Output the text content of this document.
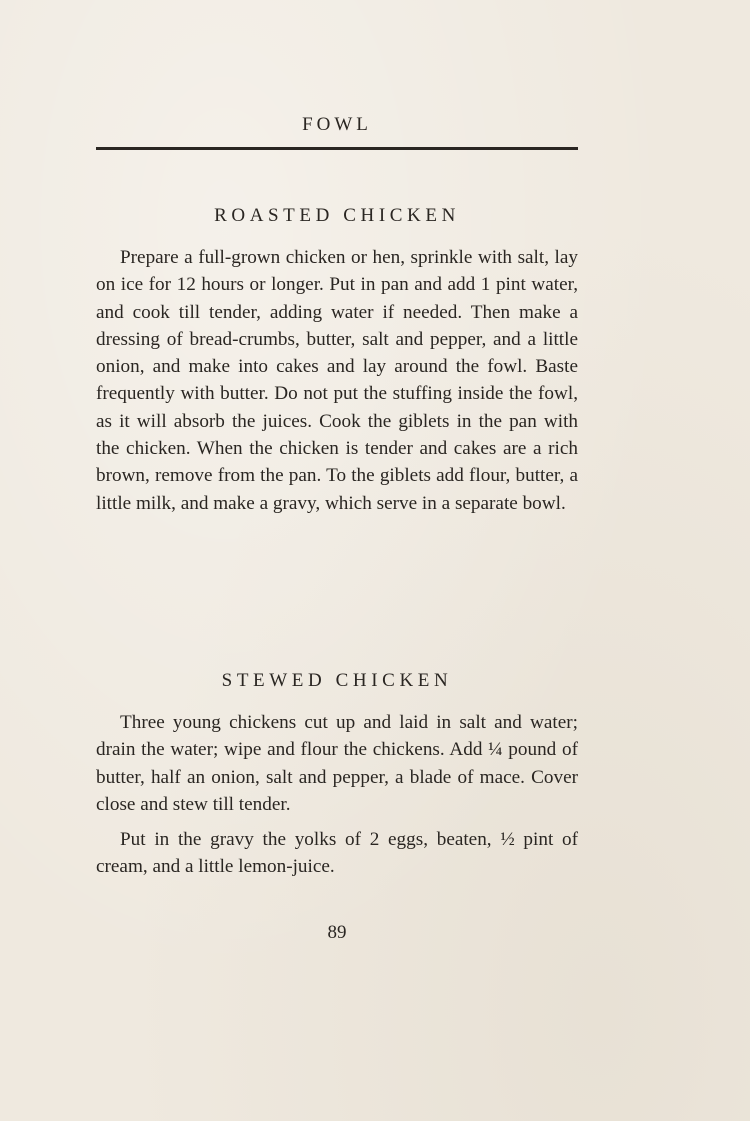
FOWL
ROASTED CHICKEN

Prepare a full-grown chicken or hen, sprinkle with salt, lay on ice for 12 hours or longer. Put in pan and add 1 pint water, and cook till tender, adding water if needed. Then make a dressing of bread-crumbs, butter, salt and pepper, and a little onion, and make into cakes and lay around the fowl. Baste frequently with butter. Do not put the stuffing inside the fowl, as it will absorb the juices. Cook the giblets in the pan with the chicken. When the chicken is tender and cakes are a rich brown, remove from the pan. To the giblets add flour, butter, a little milk, and make a gravy, which serve in a separate bowl.

STEWED CHICKEN

Three young chickens cut up and laid in salt and water; drain the water; wipe and flour the chickens. Add ¼ pound of butter, half an onion, salt and pepper, a blade of mace. Cover close and stew till tender.

Put in the gravy the yolks of 2 eggs, beaten, ½ pint of cream, and a little lemon-juice.

89
